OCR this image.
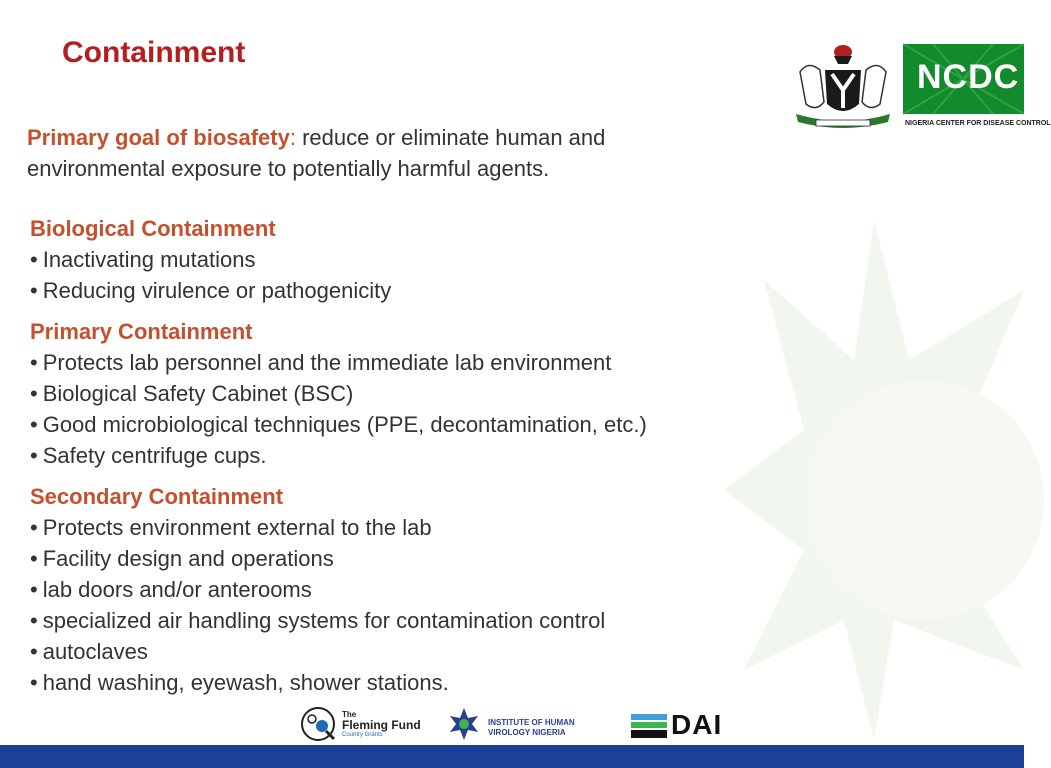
Containment
NCDC
NIGERIA CENTER FOR DISEASE CONTROL
Primary goal of biosafety: reduce or eliminate human and
environmental exposure to potentially harmful agents.
Biological Containment
• Inactivating mutations
• Reducing virulence or pathogenicity
Primary Containment
• Protects lab personnel and the immediate lab environment
• Biological Safety Cabinet (BSC)
• Good microbiological techniques (PPE, decontamination, etc.)
• Safety centrifuge cups.
Secondary Containment
• Protects environment external to the lab
• Facility design and operations
• lab doors and/or anterooms
• specialized air handling systems for contamination control
• autoclaves
• hand washing, eyewash, shower stations.
The
Fleming Fund
Country Grants
INSTITUTE OF HUMAN
VIROLOGY NIGERIA	DAI
